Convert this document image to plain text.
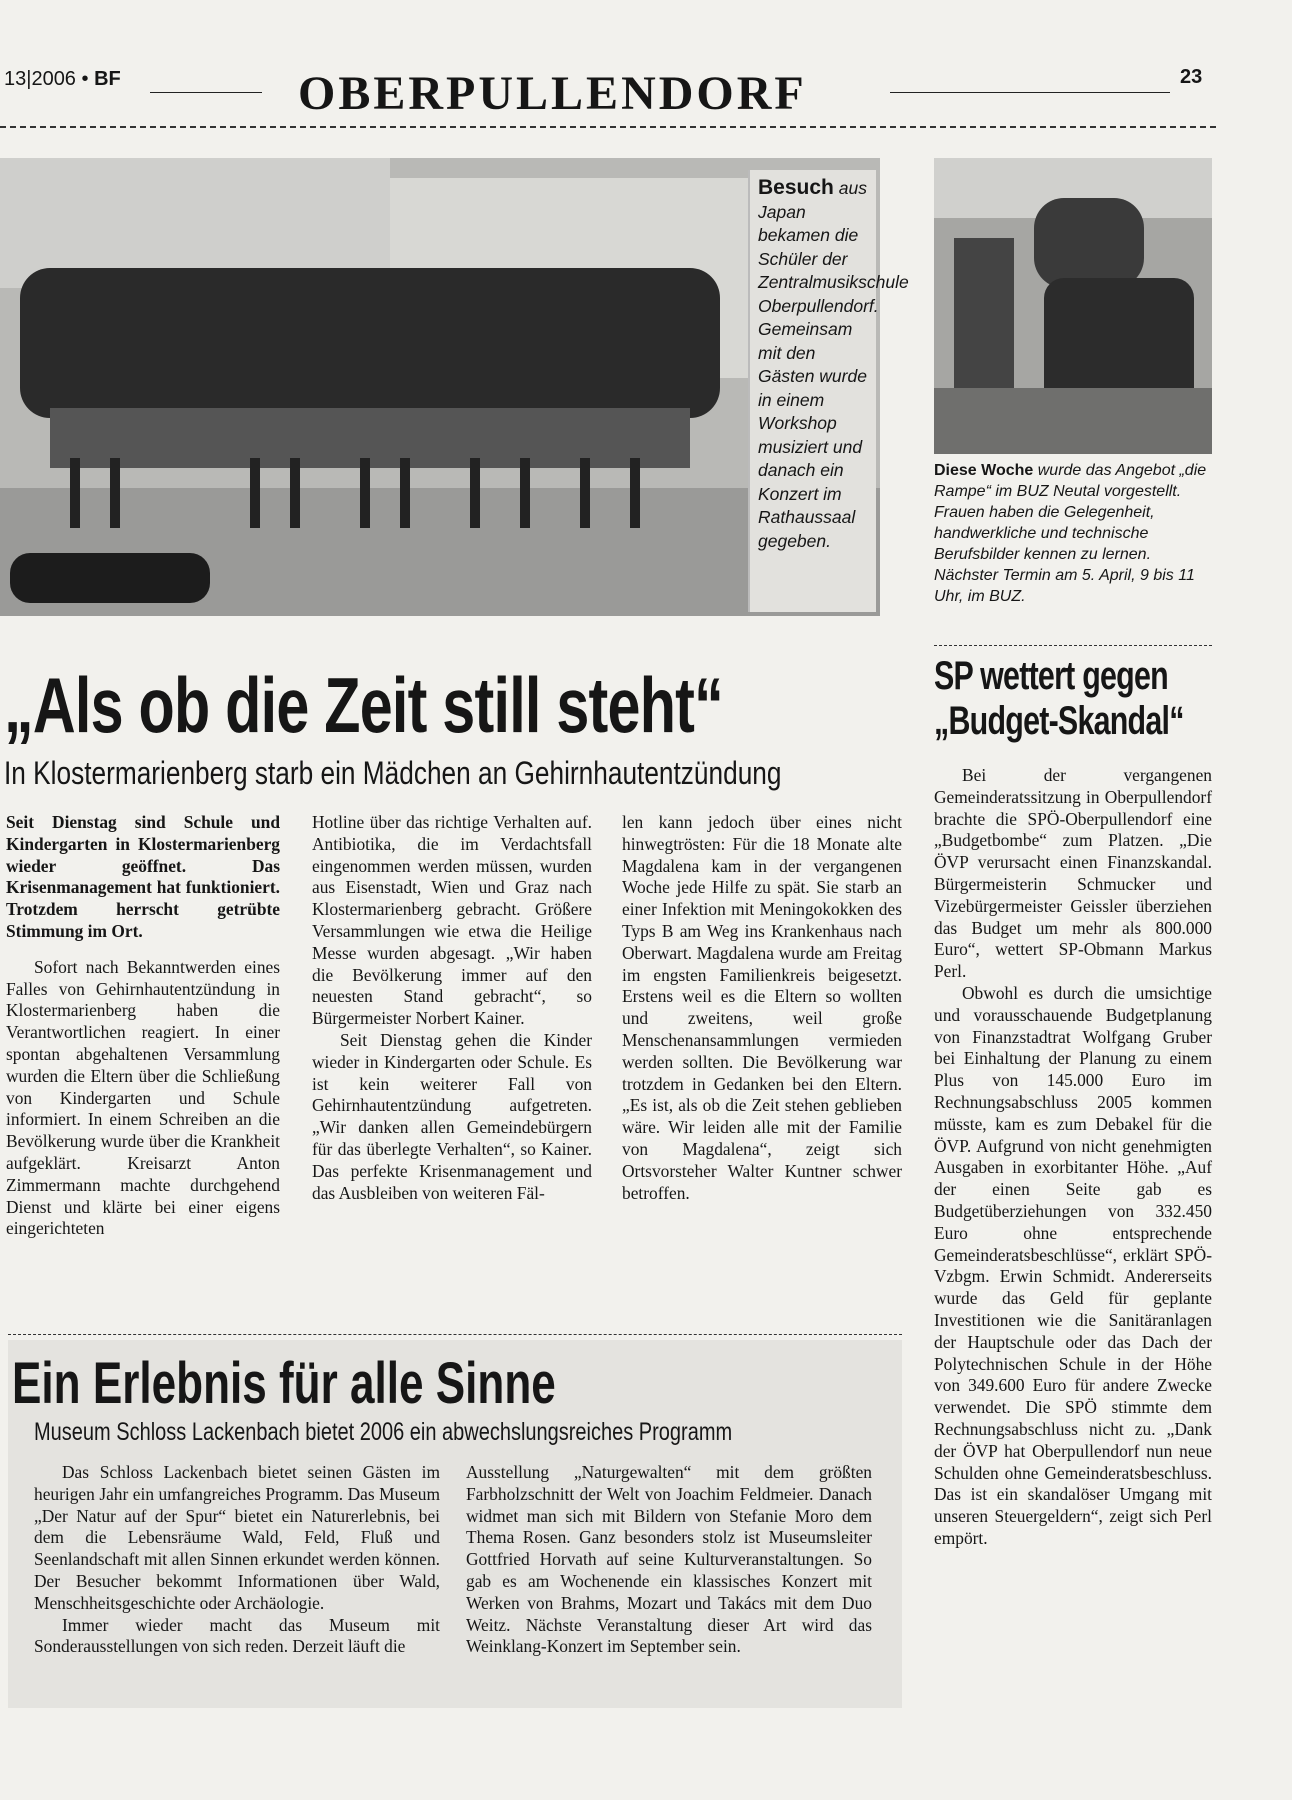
13|2006 • BF	OBERPULLENDORF	23
Besuch aus Japan bekamen die Schüler der Zentralmusikschule Oberpullendorf. Gemeinsam mit den Gästen wurde in einem Workshop musiziert und danach ein Konzert im Rathaussaal gegeben.
Diese Woche wurde das Angebot „die Rampe“ im BUZ Neutal vorgestellt. Frauen haben die Gelegenheit, handwerkliche und technische Berufsbilder kennen zu lernen. Nächster Termin am 5. April, 9 bis 11 Uhr, im BUZ.
„Als ob die Zeit still steht“
In Klostermarienberg starb ein Mädchen an Gehirnhautentzündung

Seit Dienstag sind Schule und Kindergarten in Klostermarienberg wieder geöffnet. Das Krisenmanagement hat funktioniert. Trotzdem herrscht getrübte Stimmung im Ort.

Sofort nach Bekanntwerden eines Falles von Gehirnhautentzündung in Klostermarienberg haben die Verantwortlichen reagiert. In einer spontan abgehaltenen Versammlung wurden die Eltern über die Schließung von Kindergarten und Schule informiert. In einem Schreiben an die Bevölkerung wurde über die Krankheit aufgeklärt. Kreisarzt Anton Zimmermann machte durchgehend Dienst und klärte bei einer eigens eingerichteten

Hotline über das richtige Verhalten auf. Antibiotika, die im Verdachtsfall eingenommen werden müssen, wurden aus Eisenstadt, Wien und Graz nach Klostermarienberg gebracht. Größere Versammlungen wie etwa die Heilige Messe wurden abgesagt. „Wir haben die Bevölkerung immer auf den neuesten Stand gebracht“, so Bürgermeister Norbert Kainer.

Seit Dienstag gehen die Kinder wieder in Kindergarten oder Schule. Es ist kein weiterer Fall von Gehirnhautentzündung aufgetreten. „Wir danken allen Gemeindebürgern für das überlegte Verhalten“, so Kainer. Das perfekte Krisenmanagement und das Ausbleiben von weiteren Fäl-

len kann jedoch über eines nicht hinwegtrösten: Für die 18 Monate alte Magdalena kam in der vergangenen Woche jede Hilfe zu spät. Sie starb an einer Infektion mit Meningokokken des Typs B am Weg ins Krankenhaus nach Oberwart. Magdalena wurde am Freitag im engsten Familienkreis beigesetzt. Erstens weil es die Eltern so wollten und zweitens, weil große Menschenansammlungen vermieden werden sollten. Die Bevölkerung war trotzdem in Gedanken bei den Eltern. „Es ist, als ob die Zeit stehen geblieben wäre. Wir leiden alle mit der Familie von Magdalena“, zeigt sich Ortsvorsteher Walter Kuntner schwer betroffen.

SP wettert gegen „Budget-Skandal“

Bei der vergangenen Gemeinderatssitzung in Oberpullendorf brachte die SPÖ-Oberpullendorf eine „Budgetbombe“ zum Platzen. „Die ÖVP verursacht einen Finanzskandal. Bürgermeisterin Schmucker und Vizebürgermeister Geissler überziehen das Budget um mehr als 800.000 Euro“, wettert SP-Obmann Markus Perl.

Obwohl es durch die umsichtige und vorausschauende Budgetplanung von Finanzstadtrat Wolfgang Gruber bei Einhaltung der Planung zu einem Plus von 145.000 Euro im Rechnungsabschluss 2005 kommen müsste, kam es zum Debakel für die ÖVP. Aufgrund von nicht genehmigten Ausgaben in exorbitanter Höhe. „Auf der einen Seite gab es Budgetüberziehungen von 332.450 Euro ohne entsprechende Gemeinderatsbeschlüsse“, erklärt SPÖ-Vzbgm. Erwin Schmidt. Andererseits wurde das Geld für geplante Investitionen wie die Sanitäranlagen der Hauptschule oder das Dach der Polytechnischen Schule in der Höhe von 349.600 Euro für andere Zwecke verwendet. Die SPÖ stimmte dem Rechnungsabschluss nicht zu. „Dank der ÖVP hat Oberpullendorf nun neue Schulden ohne Gemeinderatsbeschluss. Das ist ein skandalöser Umgang mit unseren Steuergeldern“, zeigt sich Perl empört.

Ein Erlebnis für alle Sinne
Museum Schloss Lackenbach bietet 2006 ein abwechslungsreiches Programm

Das Schloss Lackenbach bietet seinen Gästen im heurigen Jahr ein umfangreiches Programm. Das Museum „Der Natur auf der Spur“ bietet ein Naturerlebnis, bei dem die Lebensräume Wald, Feld, Fluß und Seenlandschaft mit allen Sinnen erkundet werden können. Der Besucher bekommt Informationen über Wald, Menschheitsgeschichte oder Archäologie.

Immer wieder macht das Museum mit Sonderausstellungen von sich reden. Derzeit läuft die

Ausstellung „Naturgewalten“ mit dem größten Farbholzschnitt der Welt von Joachim Feldmeier. Danach widmet man sich mit Bildern von Stefanie Moro dem Thema Rosen. Ganz besonders stolz ist Museumsleiter Gottfried Horvath auf seine Kulturveranstaltungen. So gab es am Wochenende ein klassisches Konzert mit Werken von Brahms, Mozart und Takács mit dem Duo Weitz. Nächste Veranstaltung dieser Art wird das Weinklang-Konzert im September sein.
